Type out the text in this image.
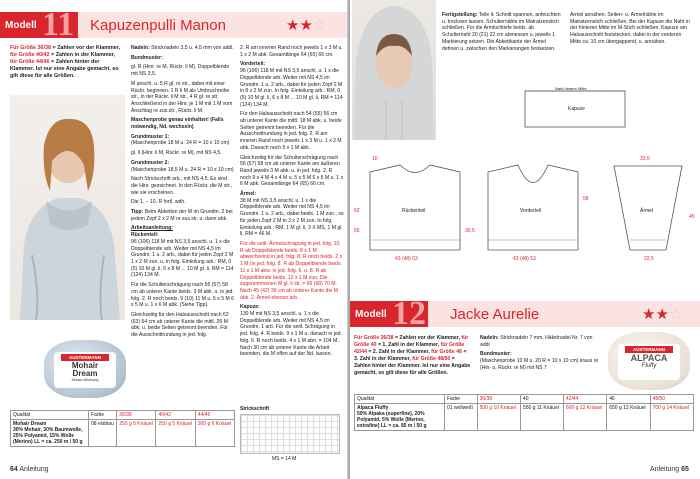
Modell 11 Kapuzenpulli Manon	★★☆
Für Größe 36/38 = Zahlen vor der Klammer, für Größe 40/42 = Zahlen in der Klammer, für Größe 44/46 = Zahlen hinter der Klammer. Ist nur eine Angabe gemacht, so gilt diese für alle Größen.
AUSTERMANN
Mohair
Dream
Mohair-Mischung

Nadeln: Stricknadeln 3,5 u. 4,5 mm von addi.

Bundmuster:

gl. R (Hinr. re M, Rückr. li M), Doppelblende mit NS 3,5.

M anschl. u. 5 R gl. re str., dabei mit einer Rückr. beginnen. 1 R li M als Umbruchreihe str., in der Rückr. li M str., 4 R gl. re str. Anschließend in der Hinr. je 1 M mit 1 M vom Anschlag re zus.str., Rückr. li M.

Maschenprobe genau einhalten! (Falls notwendig, Nd. wechseln)

Grundmuster 1:

(Maschenprobe 18 M u. 24 R = 10 x 10 cm)

gl. li (Hinr. li M, Rückr. re M), mit NS 4,5.

Grundmuster 2:

(Maschenprobe 18,5 M u. 24 R = 10 x 10 cm)

Nach Strickschrift arb., mit NS 4,5. Es sind die Hinr. gezeichnet. In den Rückr. die M str., wie sie erscheinen.

Die 1. – 10. R fortl. wdh.

Tipp: Beim Abketten der M im Grundm. 2 bei jedem Zopf 2 x 2 M re zus.str. u. dann abk.

Arbeitsanleitung:
Rückenteil:

96 (106) 118 M mit NS 3,5 anschl. u. 1 x die Doppelblende arb. Weiter mit NS 4,5 im Grundm. 1 u. 2 arb., dabei für jeden Zopf 2 M 1 x 2 M zun. u. in folg. Einteilung arb.: RM, 0 (5) 10 M gl. li, 6 x 8 M ... 10 M gl. li, RM = 114 (124) 134 M.

Für die Schulterschrägung nach 56 (57) 58 cm ab unterer Kante beids. 3 M abk. u. in jed. folg. 2. R noch beids. 9 (10) 11 M u. 5 x 5 M 6 x 5 M u. 1 x 6 M abk. (Siehe Tipp).

Gleichzeitig für den Halsausschnitt nach 62 (63) 64 cm ab unterer Kante die mittl. 26 M abk. u. beide Seiten getrennt beenden. Für die Ausschnittrundung in jed. folg.

2. R am inneren Rand noch jeweils 1 x 3 M u. 1 x 2 M abk. Gesamtlänge 64 (65) 66 cm.

Vorderteil:

96 (106) 118 M mit NS 3,5 anschl. u. 1 x die Doppelblende arb. Weiter mit NS 4,5 im Grundm. 1 u. 2 arb., dabei für jeden Zopf 2 M in 8 x 2 M zun. In folg. Einteilung arb.: RM, 0 (5) 10 M gl. li, 6 x 8 M ... 10 M gl. li, RM = 114 (124) 134 M.

Für den Halsausschnitt nach 54 (55) 56 cm ab unterer Kante die mittl. 18 M abk. u. beide Seiten getrennt beenden. Für die Ausschnittrundung in jed. folg. 2. R am inneren Rand noch jeweils 1 x 3 M u. 1 x 2 M abk. Danach noch 5 x 1 M abk.

Gleichzeitig für die Schulterschrägung nach 56 (57) 58 cm ab unterer Kante am äußeren Rand jeweils 3 M abk. u. in jed. folg. 2. R noch 9 x 4 M 4 x 4 M u. 5 x 5 M 6 x 5 M u. 1 x 6 M abk. Gesamtlänge 64 (65) 66 cm.

Ärmel:

38 M mit NS 3,5 anschl. u. 1 x die Doppelblende arb. Weiter mit NS 4,5 im Grundm. 1 u. 2 arb., dabei beids. 1 M zun., so für jeden Zopf 2 M in 3 x 2 M zun. In folg. Einteilung arb.: RM, 1 M gl. li, 3 X MS, 1 M gl. li, RM = 46 M.

Für die seitl. Ärmelschrägung in jed. folg. 10. R ab Doppelblende beids. 8 x 1 M abwechselnd in jed. folg. 8. R noch beids. 2 x 1 M (in jed. folg. 8. R ab Doppelblende beids. 11 x 1 M abw. in jed. folg. 6. u. 8. R ab Doppelblende beids. 12 x 1 M zun. Die zugenommenen M gl. li str. = 66 (68) 70 M. Nach 45 (42) 39 cm ab unterer Kante die M abk. 2. Ärmel ebenso arb.

Kapuze:

130 M mit NS 3,5 anschl. u. 1 x die Doppelblende arb. Weiter mit NS 4,5 im Grundm. 1 arb. Für die seitl. Schrägung in jed. folg. 4. R beids. 9 x 1 M u. danach in jed. folg. 6. R noch beids. 4 x 1 M abn. = 104 M. Nach 30 cm ab unterer Kante die Arbeit beenden, die M offen auf der Nd. lassen.

Strickschrift
MS = 14 M
Qualität	Farbe	36/38	40/42	44/46

Mohair Dream
30% Mohair, 30% Baumwolle, 25% Polyamid, 15% Wolle (Merino) LL = ca. 250 m / 50 g	08 eisblau	250 g 5 Knäuel	250 g 5 Knäuel	300 g 6 Knäuel
64 Anleitung
Fertigstellung: Teile it. Schnitt spannen, anfeuchten u. trocknen lassen. Schulternähte im Matratzenstich schließen. Für die Armlochtiefe beids. ab Schulternaht 20 (21) 22 cm abmessen u. jeweils 1 Markierung setzen. Die Abkettkante der Ärmel dehnen u. zwischen den Markierungen festsetzen. Ärmel annähen. Seiten- u. Ärmelnähte im Matratzenstich schließen. Bei der Kapuze die Naht in der hinteren Mitte im M-Stich schließen. Kapuze am Halsausschnitt feststecken, dabei in der vorderen Mitte ca. 10 cm übergappend, u. annähen.
Kapuze
Naht hintere Mitte
Rückenteil	Vorderteil	Ärmel
62
30,5
45
43 (48) 53	43 (48) 53	22,5
10
58
33,5
65
Modell 12 Jacke Aurelie	★★☆
Für Größe 36/38 = Zahlen vor der Klammer, für Größe 40 = 1. Zahl in der Klammer, für Größe 42/44 = 2. Zahl in der Klammer, für Größe 46 = 3. Zahl in der Klammer, für Größe 48/50 = Zahlen hinter der Klammer. Ist nur eine Angabe gemacht, so gilt diese für alle Größen.

Nadeln: Stricknadeln 7 mm, Häkelnadel Nr. 7 von addi

Bundmuster:

(Maschenprobe 10 M u. 20 R = 10 x 10 cm) kraus re (Hin- u. Rückr. re M) mit NS 7

AUSTERMANN
ALPACA
Fluffy
Qualität	Farbe	36/38	40	42/44	46	48/50

Alpaca Fluffy
50% Alpaka (superfine), 20% Polyamid, 5% Wolle (Merino, extrafine) LL = ca. 85 m / 50 g	01 wollweiß	500 g 10 Knäuel	550 g 11 Knäuel	600 g 12 Knäuel	650 g 13 Knäuel	700 g 14 Knäuel
Anleitung 65
